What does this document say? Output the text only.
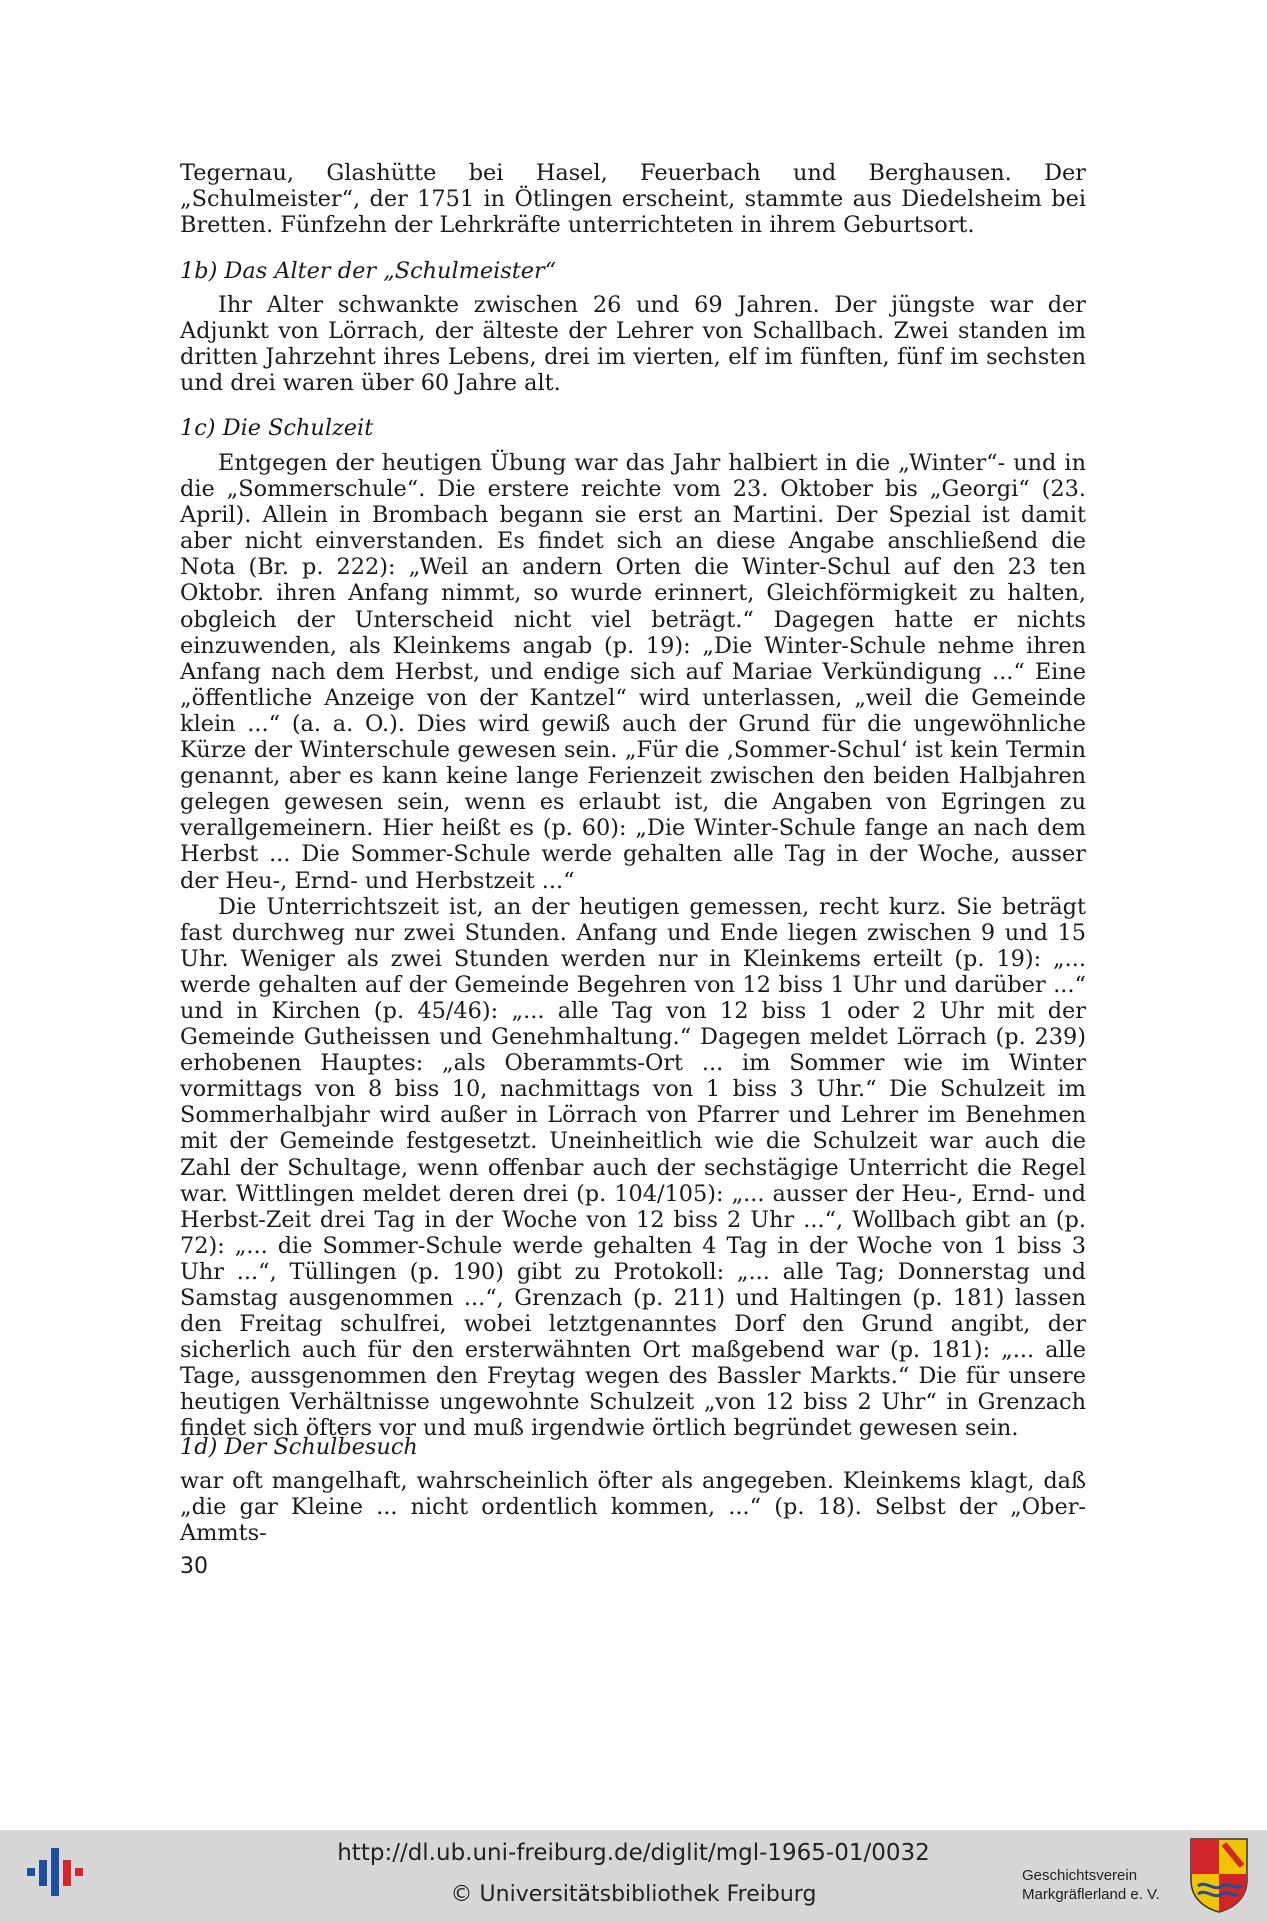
Tegernau, Glashütte bei Hasel, Feuerbach und Berghausen. Der „Schulmeister“, der 1751 in Ötlingen erscheint, stammte aus Diedelsheim bei Bretten. Fünfzehn der Lehrkräfte unterrichteten in ihrem Geburtsort.

1b) Das Alter der „Schulmeister“

Ihr Alter schwankte zwischen 26 und 69 Jahren. Der jüngste war der Adjunkt von Lörrach, der älteste der Lehrer von Schallbach. Zwei standen im dritten Jahrzehnt ihres Lebens, drei im vierten, elf im fünften, fünf im sechsten und drei waren über 60 Jahre alt.

1c) Die Schulzeit

Entgegen der heutigen Übung war das Jahr halbiert in die „Winter“- und in die „Sommerschule“. Die erstere reichte vom 23. Oktober bis „Georgi“ (23. April). Allein in Brombach begann sie erst an Martini. Der Spezial ist damit aber nicht einverstanden. Es findet sich an diese Angabe anschließend die Nota (Br. p. 222): „Weil an andern Orten die Winter-Schul auf den 23 ten Oktobr. ihren Anfang nimmt, so wurde erinnert, Gleichförmigkeit zu halten, obgleich der Unterscheid nicht viel beträgt.“ Dagegen hatte er nichts einzuwenden, als Kleinkems angab (p. 19): „Die Winter-Schule nehme ihren Anfang nach dem Herbst, und endige sich auf Mariae Verkündigung ...“ Eine „öffentliche Anzeige von der Kantzel“ wird unterlassen, „weil die Gemeinde klein ...“ (a. a. O.). Dies wird gewiß auch der Grund für die ungewöhnliche Kürze der Winterschule gewesen sein. „Für die ‚Sommer-Schul‘ ist kein Termin genannt, aber es kann keine lange Ferienzeit zwischen den beiden Halbjahren gelegen gewesen sein, wenn es erlaubt ist, die Angaben von Egringen zu verallgemeinern. Hier heißt es (p. 60): „Die Winter-Schule fange an nach dem Herbst ... Die Sommer-Schule werde gehalten alle Tag in der Woche, ausser der Heu-, Ernd- und Herbstzeit ...“

Die Unterrichtszeit ist, an der heutigen gemessen, recht kurz. Sie beträgt fast durchweg nur zwei Stunden. Anfang und Ende liegen zwischen 9 und 15 Uhr. Weniger als zwei Stunden werden nur in Kleinkems erteilt (p. 19): „... werde gehalten auf der Gemeinde Begehren von 12 biss 1 Uhr und darüber ...“ und in Kirchen (p. 45/46): „... alle Tag von 12 biss 1 oder 2 Uhr mit der Gemeinde Gutheissen und Genehmhaltung.“ Dagegen meldet Lörrach (p. 239) erhobenen Hauptes: „als Oberammts-Ort ... im Sommer wie im Winter vormittags von 8 biss 10, nachmittags von 1 biss 3 Uhr.“ Die Schulzeit im Sommerhalbjahr wird außer in Lörrach von Pfarrer und Lehrer im Benehmen mit der Gemeinde festgesetzt. Uneinheitlich wie die Schulzeit war auch die Zahl der Schultage, wenn offenbar auch der sechstägige Unterricht die Regel war. Wittlingen meldet deren drei (p. 104/105): „... ausser der Heu-, Ernd- und Herbst-Zeit drei Tag in der Woche von 12 biss 2 Uhr ...“, Wollbach gibt an (p. 72): „... die Sommer-Schule werde gehalten 4 Tag in der Woche von 1 biss 3 Uhr ...“, Tüllingen (p. 190) gibt zu Protokoll: „... alle Tag; Donnerstag und Samstag ausgenommen ...“, Grenzach (p. 211) und Haltingen (p. 181) lassen den Freitag schulfrei, wobei letztgenanntes Dorf den Grund angibt, der sicherlich auch für den ersterwähnten Ort maßgebend war (p. 181): „... alle Tage, aussgenommen den Freytag wegen des Bassler Markts.“ Die für unsere heutigen Verhältnisse ungewohnte Schulzeit „von 12 biss 2 Uhr“ in Grenzach findet sich öfters vor und muß irgendwie örtlich begründet gewesen sein.

1d) Der Schulbesuch

war oft mangelhaft, wahrscheinlich öfter als angegeben. Kleinkems klagt, daß „die gar Kleine ... nicht ordentlich kommen, ...“ (p. 18). Selbst der „Ober-Ammts-

30
http://dl.ub.uni-freiburg.de/diglit/mgl-1965-01/0032
© Universitätsbibliothek Freiburg
Geschichtsverein
Markgräflerland e. V.
